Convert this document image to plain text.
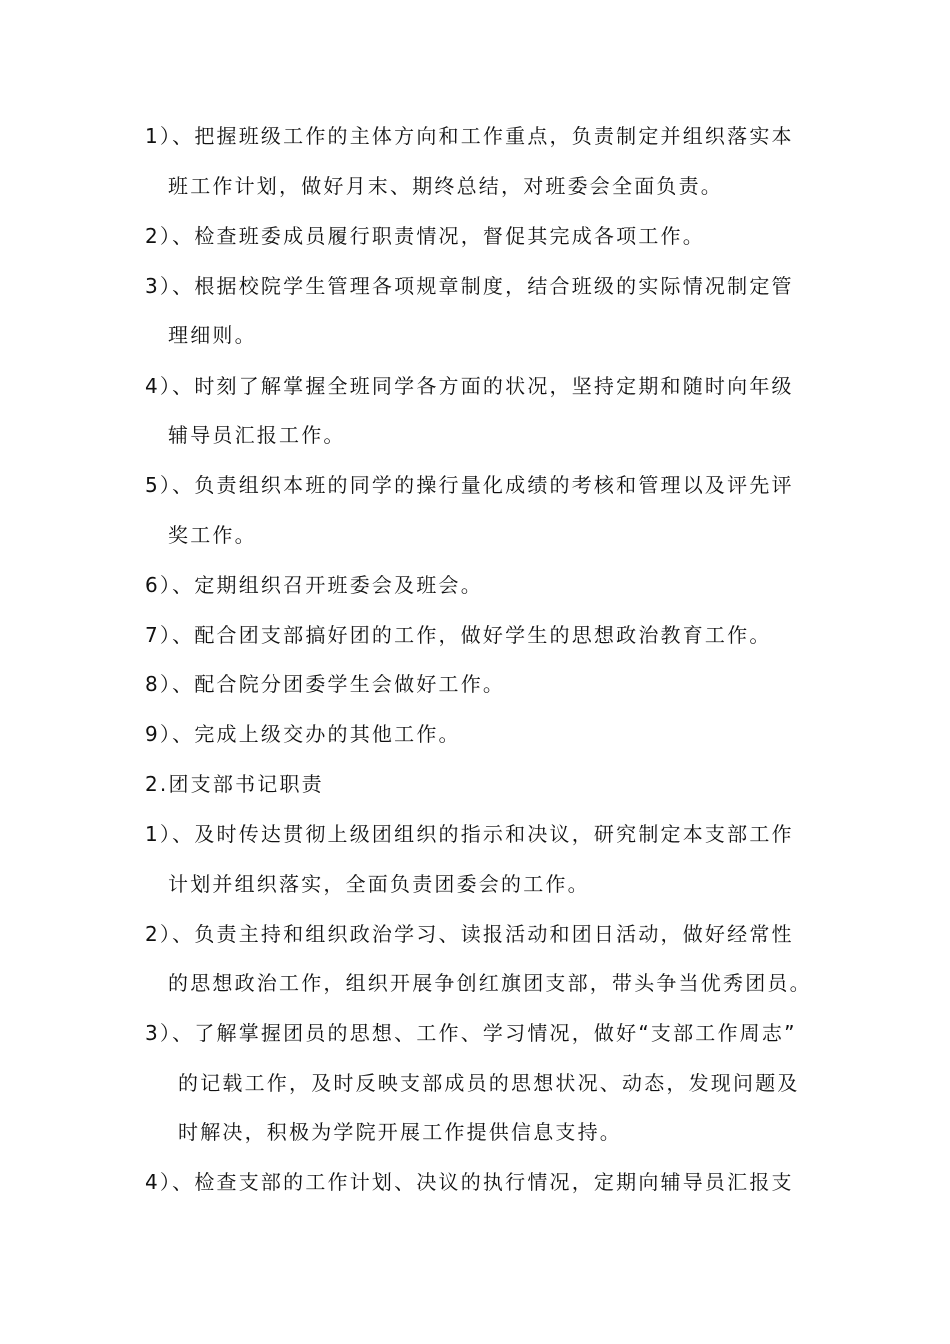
1）、把握班级工作的主体方向和工作重点，负责制定并组织落实本
班工作计划，做好月末、期终总结，对班委会全面负责。
2）、检查班委成员履行职责情况，督促其完成各项工作。
3）、根据校院学生管理各项规章制度，结合班级的实际情况制定管
理细则。
4）、时刻了解掌握全班同学各方面的状况，坚持定期和随时向年级
辅导员汇报工作。
5）、负责组织本班的同学的操行量化成绩的考核和管理以及评先评
奖工作。
6）、定期组织召开班委会及班会。
7）、配合团支部搞好团的工作，做好学生的思想政治教育工作。
8）、配合院分团委学生会做好工作。
9）、完成上级交办的其他工作。
2.团支部书记职责
1）、及时传达贯彻上级团组织的指示和决议，研究制定本支部工作
计划并组织落实，全面负责团委会的工作。
2）、负责主持和组织政治学习、读报活动和团日活动，做好经常性
的思想政治工作，组织开展争创红旗团支部，带头争当优秀团员。
3）、了解掌握团员的思想、工作、学习情况，做好“支部工作周志”
的记载工作，及时反映支部成员的思想状况、动态，发现问题及
时解决，积极为学院开展工作提供信息支持。
4）、检查支部的工作计划、决议的执行情况，定期向辅导员汇报支
